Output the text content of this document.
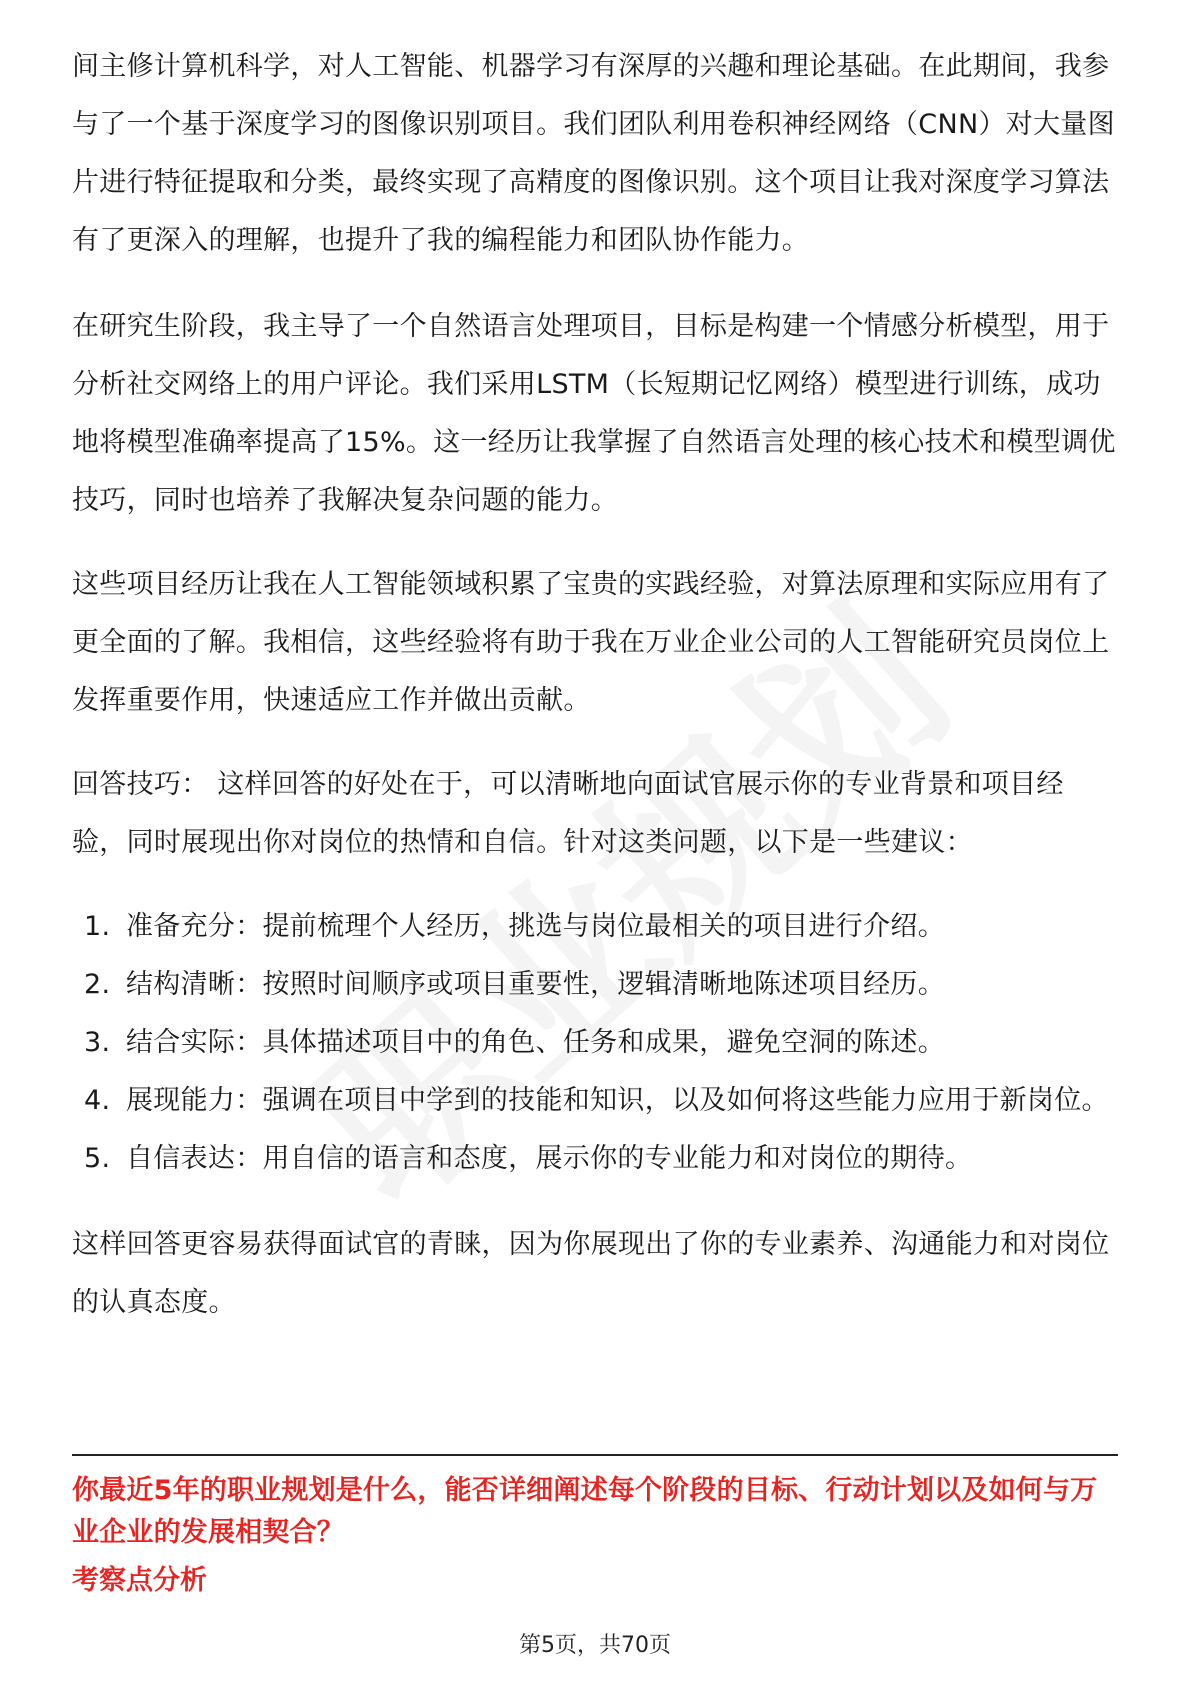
间主修计算机科学，对人工智能、机器学习有深厚的兴趣和理论基础。在此期间，我参与了一个基于深度学习的图像识别项目。我们团队利用卷积神经网络（CNN）对大量图片进行特征提取和分类，最终实现了高精度的图像识别。这个项目让我对深度学习算法有了更深入的理解，也提升了我的编程能力和团队协作能力。

在研究生阶段，我主导了一个自然语言处理项目，目标是构建一个情感分析模型，用于分析社交网络上的用户评论。我们采用LSTM（长短期记忆网络）模型进行训练，成功地将模型准确率提高了15%。这一经历让我掌握了自然语言处理的核心技术和模型调优技巧，同时也培养了我解决复杂问题的能力。

这些项目经历让我在人工智能领域积累了宝贵的实践经验，对算法原理和实际应用有了更全面的了解。我相信，这些经验将有助于我在万业企业公司的人工智能研究员岗位上发挥重要作用，快速适应工作并做出贡献。

回答技巧： 这样回答的好处在于，可以清晰地向面试官展示你的专业背景和项目经验，同时展现出你对岗位的热情和自信。针对这类问题，以下是一些建议：

1. 准备充分：提前梳理个人经历，挑选与岗位最相关的项目进行介绍。
2. 结构清晰：按照时间顺序或项目重要性，逻辑清晰地陈述项目经历。
3. 结合实际：具体描述项目中的角色、任务和成果，避免空洞的陈述。
4. 展现能力：强调在项目中学到的技能和知识，以及如何将这些能力应用于新岗位。
5. 自信表达：用自信的语言和态度，展示你的专业能力和对岗位的期待。

这样回答更容易获得面试官的青睐，因为你展现出了你的专业素养、沟通能力和对岗位的认真态度。

你最近5年的职业规划是什么，能否详细阐述每个阶段的目标、行动计划以及如何与万业企业的发展相契合？
考察点分析
第5页，共70页
